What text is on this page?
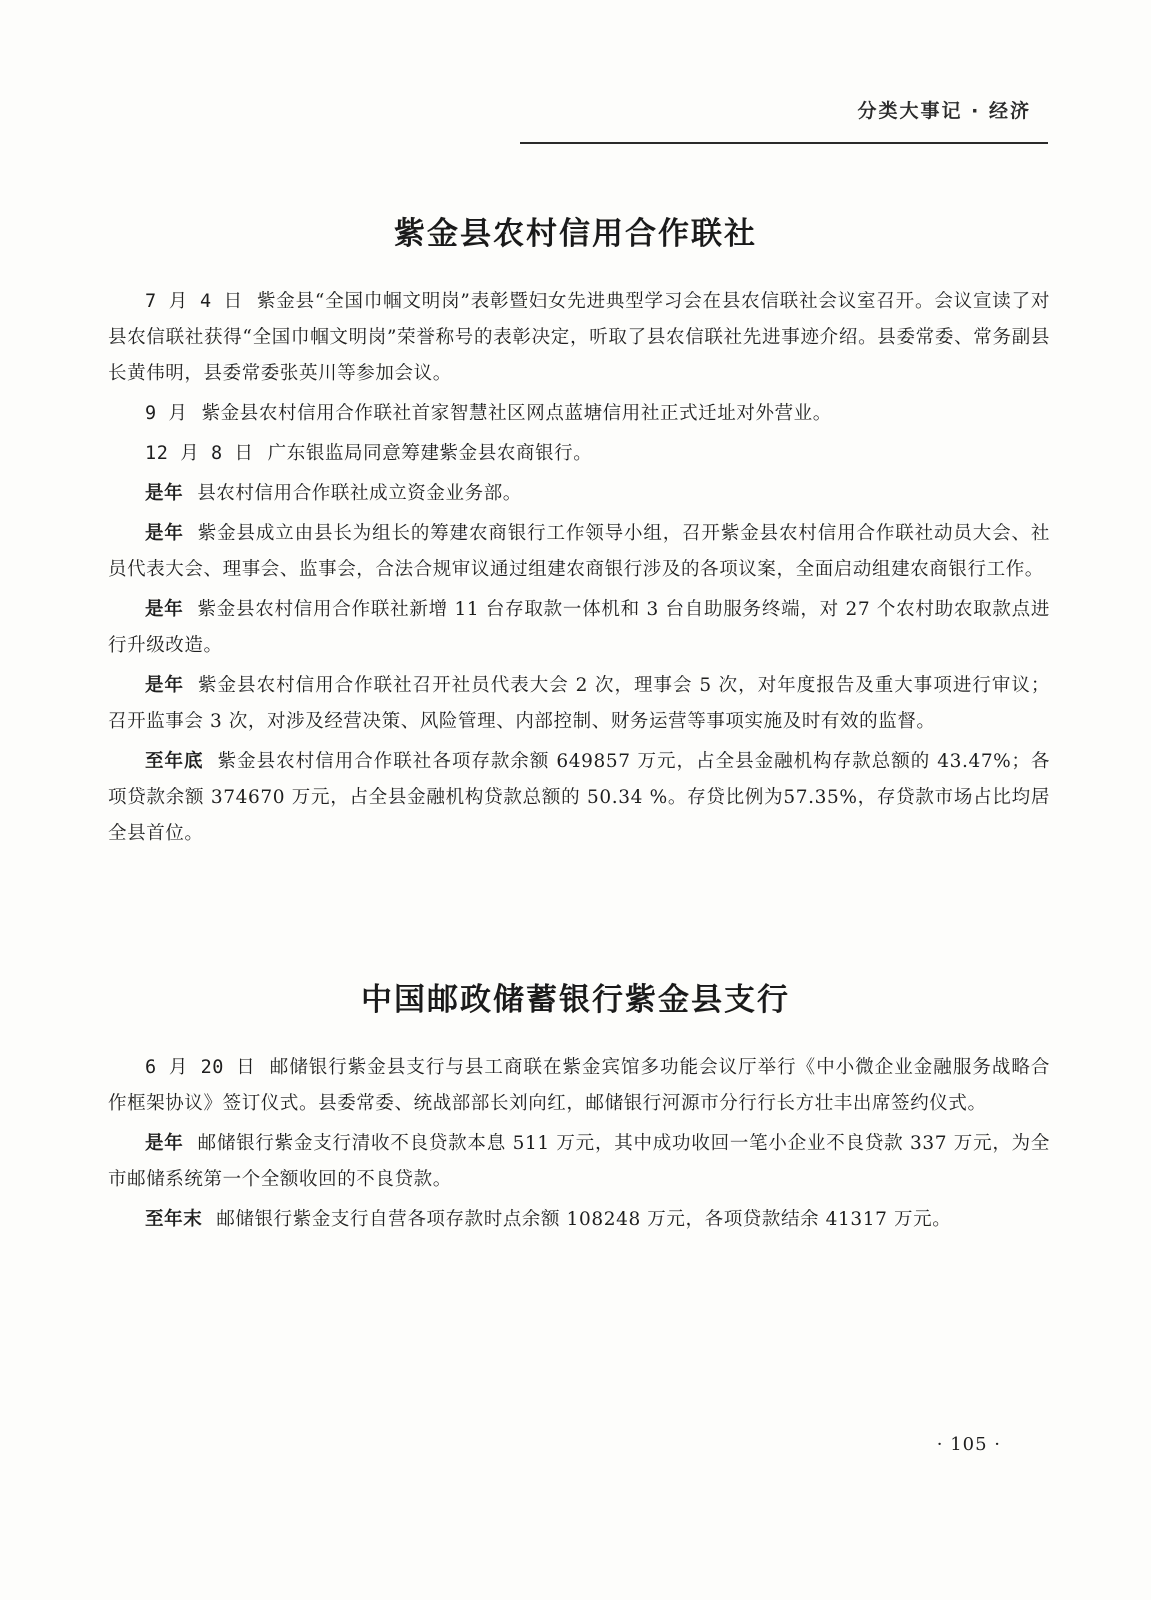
分类大事记 · 经济
紫金县农村信用合作联社

7 月 4 日 紫金县“全国巾帼文明岗”表彰暨妇女先进典型学习会在县农信联社会议室召开。会议宣读了对县农信联社获得“全国巾帼文明岗”荣誉称号的表彰决定，听取了县农信联社先进事迹介绍。县委常委、常务副县长黄伟明，县委常委张英川等参加会议。

9 月 紫金县农村信用合作联社首家智慧社区网点蓝塘信用社正式迁址对外营业。

12 月 8 日 广东银监局同意筹建紫金县农商银行。

是年 县农村信用合作联社成立资金业务部。

是年 紫金县成立由县长为组长的筹建农商银行工作领导小组，召开紫金县农村信用合作联社动员大会、社员代表大会、理事会、监事会，合法合规审议通过组建农商银行涉及的各项议案，全面启动组建农商银行工作。

是年 紫金县农村信用合作联社新增 11 台存取款一体机和 3 台自助服务终端，对 27 个农村助农取款点进行升级改造。

是年 紫金县农村信用合作联社召开社员代表大会 2 次，理事会 5 次，对年度报告及重大事项进行审议；召开监事会 3 次，对涉及经营决策、风险管理、内部控制、财务运营等事项实施及时有效的监督。

至年底 紫金县农村信用合作联社各项存款余额 649857 万元，占全县金融机构存款总额的 43.47%；各项贷款余额 374670 万元，占全县金融机构贷款总额的 50.34 %。存贷比例为57.35%，存贷款市场占比均居全县首位。

中国邮政储蓄银行紫金县支行

6 月 20 日 邮储银行紫金县支行与县工商联在紫金宾馆多功能会议厅举行《中小微企业金融服务战略合作框架协议》签订仪式。县委常委、统战部部长刘向红，邮储银行河源市分行行长方壮丰出席签约仪式。

是年 邮储银行紫金支行清收不良贷款本息 511 万元，其中成功收回一笔小企业不良贷款 337 万元，为全市邮储系统第一个全额收回的不良贷款。

至年末 邮储银行紫金支行自营各项存款时点余额 108248 万元，各项贷款结余 41317 万元。

· 105 ·
